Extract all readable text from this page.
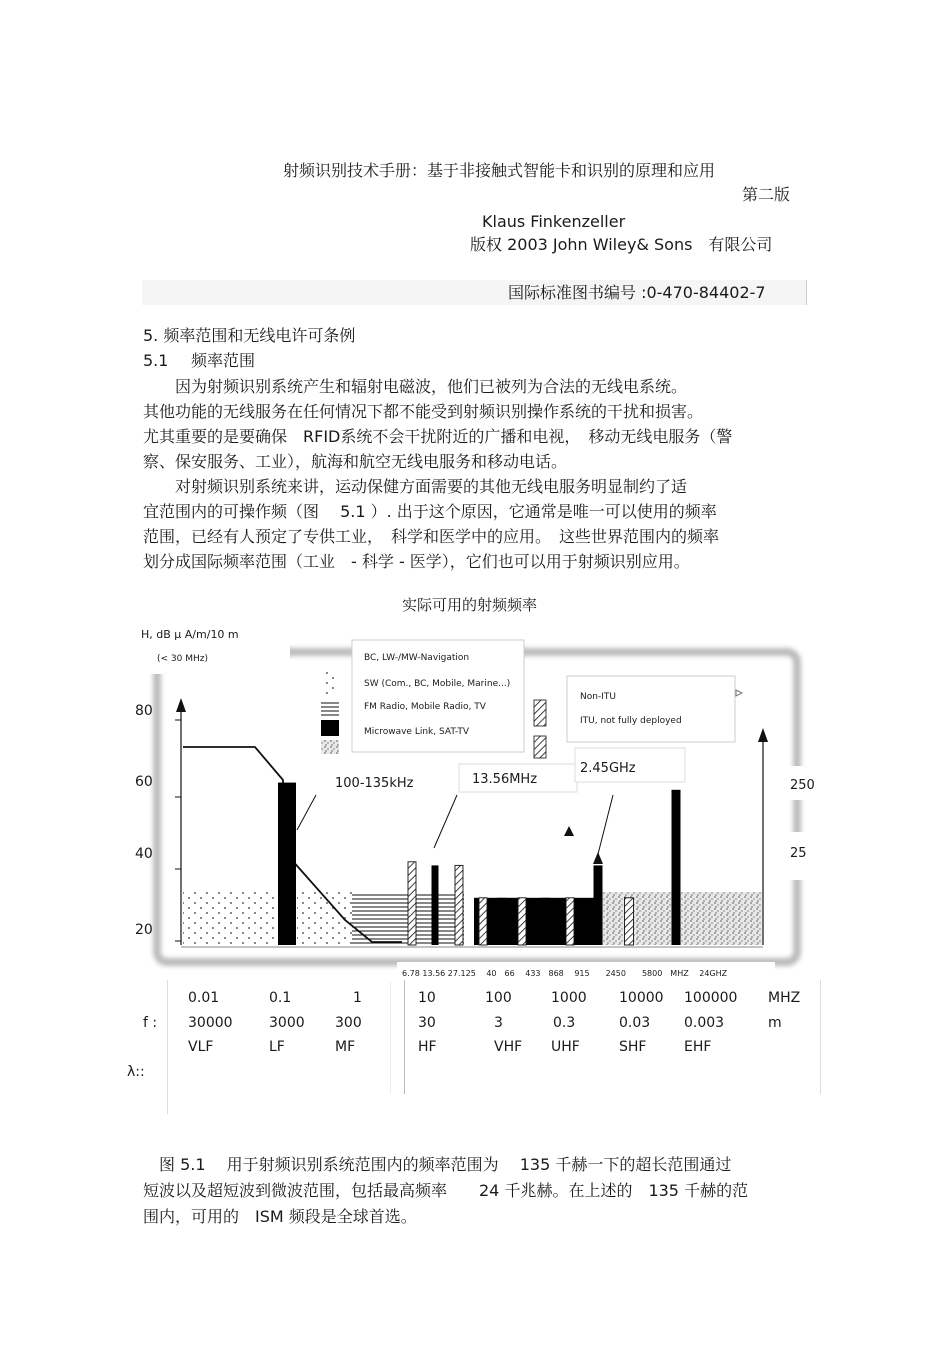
射频识别技术手册：基于非接触式智能卡和识别的原理和应用
第二版
Klaus Finkenzeller
版权 2003 John Wiley& Sons　有限公司
国际标准图书编号 :0-470-84402-7
5. 频率范围和无线电许可条例
5.1 频率范围
　　因为射频识别系统产生和辐射电磁波，他们已被列为合法的无线电系统。
其他功能的无线服务在任何情况下都不能受到射频识别操作系统的干扰和损害。
尤其重要的是要确保　RFID系统不会干扰附近的广播和电视，　移动无线电服务（警
察、保安服务、工业），航海和航空无线电服务和移动电话。
　　对射频识别系统来讲，运动保健方面需要的其他无线电服务明显制约了适
宜范围内的可操作频（图　 5.1 ）. 出于这个原因，它通常是唯一可以使用的频率
范围，已经有人预定了专供工业，　科学和医学中的应用。　这些世界范围内的频率
划分成国际频率范围（工业　- 科学 - 医学），它们也可以用于射频识别应用。
实际可用的射频频率
H, dB μ A/m/10 m
(< 30 MHz)	BC, LW-/MW-Navigation
SW (Com., BC, Mobile, Marine...)
FM Radio, Mobile Radio, TV
Microwave Link, SAT-TV
Non-ITU
ITU, not fully deployed
80
60
40
20
100-135kHz	13.56MHz
2.45GHz
250
25
6.78 13.56 27.125　 40　66　 433　868　 915　　2450　　5800　MHZ　 24GHZ
f :
λ::
0.01	0.1	1	10	100	1000 10000 100000 MHZ
30000	3000 300	30	3	0.3	0.03 0.003	m
VLF	LF	MF	HF	VHF UHF	SHF	EHF
　图 5.1　 用于射频识别系统范围内的频率范围为　 135 千赫一下的超长范围通过
短波以及超短波到微波范围，包括最高频率　　24 千兆赫。在上述的　135 千赫的范
围内，可用的　ISM 频段是全球首选。
